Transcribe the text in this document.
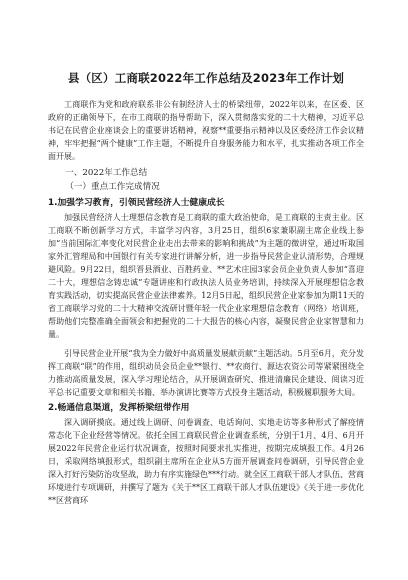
县（区）工商联2022年工作总结及2023年工作计划

工商联作为党和政府联系非公有制经济人士的桥梁纽带，2022年以来，在区委、区政府的正确领导下，在市工商联的指导帮助下，深入贯彻落实党的二十大精神，习近平总书记在民营企业座谈会上的重要讲话精神，视察**重要指示精神以及区委经济工作会议精神，牢牢把握“两个健康”工作主题，不断提升自身服务能力和水平，扎实推动各项工作全面开展。

一、2022年工作总结

（一）重点工作完成情况

1.加强学习教育，引领民营经济人士健康成长

加强民营经济人士理想信念教育是工商联的重大政治使命，是工商联的主责主业。区工商联不断创新学习方式，丰富学习内容，3月25日，组织6家兼职副主席企业线上参加“当前国际汇率变化对民营企业走出去带来的影响和挑战”为主题的微讲堂，通过听取国家外汇管理局和中国银行有关专家进行讲解分析，进一步指导民营企业认清形势，合理规避风险。9月22日，组织晋县酒业、百胜药业、**艺术庄园3家会员企业负责人参加“喜迎二十大，理想信念铸忠诚”专题讲座和行政执法人员业务培训，持续深入开展理想信念教育实践活动，切实提高民营企业法律素养。12月5日起，组织民营企业家参加为期11天的省工商联学习党的二十大精神交流研讨暨年轻一代企业家理想信念教育（网络）培训班，帮助他们完整准确全面领会和把握党的二十大报告的核心内容，凝聚民营企业家智慧和力量。

引导民营企业开展“我为全力做好中高质量发展献贡献”主题活动。5月至6月，充分发挥工商联“联”的作用，组织动员会员企业**银行、**农商行、源达农资公司等紧紧围绕全力推动高质量发展，深入学习理论结合，从开展调查研究、推进清廉民企建设、阅读习近平总书记重要文章和相关书籍、举办演讲比赛等方式投身主题活动，积极履职服务大局。

2.畅通信息渠道，发挥桥梁纽带作用

深入调研摸底。通过线上调研、问卷调查、电话询问、实地走访等多种形式了解疫情常态化下企业经营等情况。依托全国工商联民营企业调查系统，分别于1月、4月、6月开展2022年民营企业运行状况调查，按照时间要求扎实推进，按期完成填报工作。4月26日，采取网络填报形式，组织副主席所在企业从5方面开展调查问卷调研，引导民营企业深入打好污染防治攻坚战，助力有序实施绿色***行动。就全区工商联干部人才队伍、营商环境进行专项调研，并撰写了题为《关于**区工商联干部人才队伍建设》《关于进一步优化**区营商环
